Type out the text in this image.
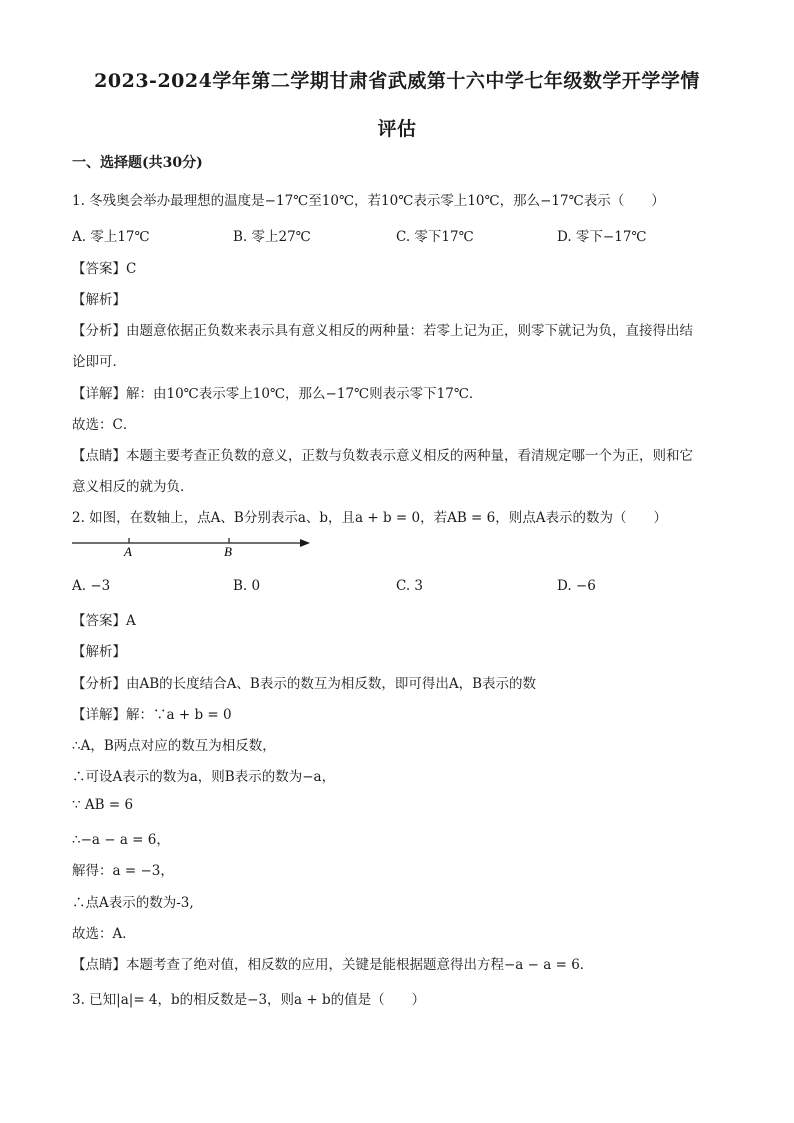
2023-2024学年第二学期甘肃省武威第十六中学七年级数学开学学情
评估
一、选择题(共30分)
1. 冬残奥会举办最理想的温度是−17℃至10℃，若10℃表示零上10℃，那么−17℃表示（　　）
A. 零上17℃	B. 零上27℃	C. 零下17℃	D. 零下−17℃
【答案】C
【解析】
【分析】由题意依据正负数来表示具有意义相反的两种量：若零上记为正，则零下就记为负，直接得出结
论即可．
【详解】解：由10℃表示零上10℃，那么−17℃则表示零下17℃．
故选：C．
【点睛】本题主要考查正负数的意义，正数与负数表示意义相反的两种量，看清规定哪一个为正，则和它
意义相反的就为负．
2. 如图，在数轴上，点A、B分别表示a、b，且a + b = 0，若AB = 6，则点A表示的数为（　　）
A	B
A. −3	B. 0	C. 3	D. −6
【答案】A
【解析】
【分析】由AB的长度结合A、B表示的数互为相反数，即可得出A，B表示的数
【详解】解：∵a + b = 0
∴A，B两点对应的数互为相反数，
∴可设A表示的数为a，则B表示的数为−a，
∵ AB = 6
∴−a − a = 6，
解得：a = −3，
∴点A表示的数为-3,
故选：A．
【点睛】本题考查了绝对值，相反数的应用，关键是能根据题意得出方程−a − a = 6．
3. 已知|a|= 4，b的相反数是−3，则a + b的值是（　　）
